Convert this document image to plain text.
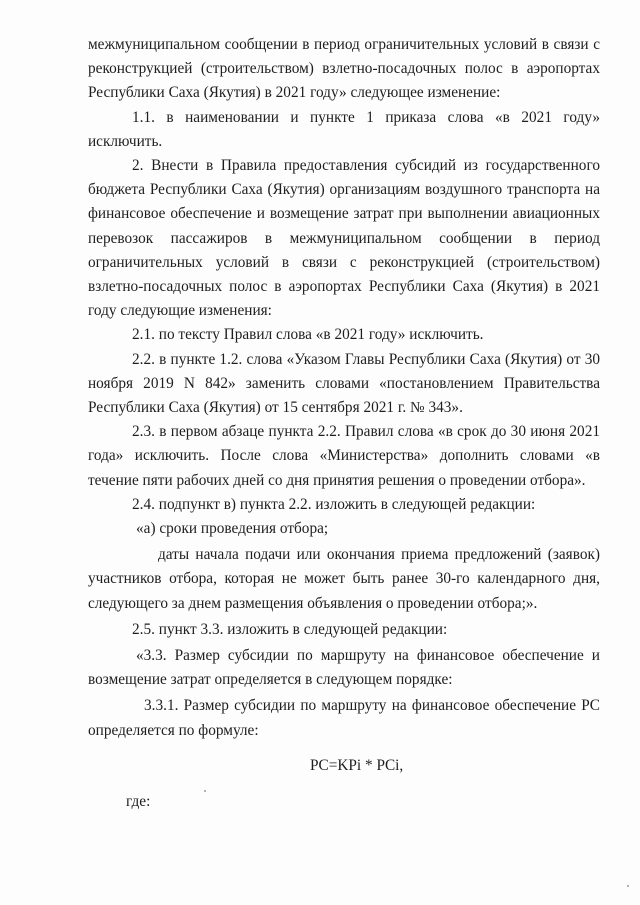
межмуниципальном сообщении в период ограничительных условий в связи с реконструкцией (строительством) взлетно-посадочных полос в аэропортах Республики Саха (Якутия) в 2021 году» следующее изменение:

1.1. в наименовании и пункте 1 приказа слова «в 2021 году» исключить.

2. Внести в Правила предоставления субсидий из государственного бюджета Республики Саха (Якутия) организациям воздушного транспорта на финансовое обеспечение и возмещение затрат при выполнении авиационных перевозок пассажиров в межмуниципальном сообщении в период ограничительных условий в связи с реконструкцией (строительством) взлетно-посадочных полос в аэропортах Республики Саха (Якутия) в 2021 году следующие изменения:

2.1. по тексту Правил слова «в 2021 году» исключить.

2.2. в пункте 1.2. слова «Указом Главы Республики Саха (Якутия) от 30 ноября 2019 N 842» заменить словами «постановлением Правительства Республики Саха (Якутия) от 15 сентября 2021 г. № 343».

2.3. в первом абзаце пункта 2.2. Правил слова «в срок до 30 июня 2021 года» исключить. После слова «Министерства» дополнить словами «в течение пяти рабочих дней со дня принятия решения о проведении отбора».

2.4. подпункт в) пункта 2.2. изложить в следующей редакции:

«а) сроки проведения отбора;

даты начала подачи или окончания приема предложений (заявок) участников отбора, которая не может быть ранее 30-го календарного дня, следующего за днем размещения объявления о проведении отбора;».

2.5. пункт 3.3. изложить в следующей редакции:

«3.3. Размер субсидии по маршруту на финансовое обеспечение и возмещение затрат определяется в следующем порядке:

3.3.1. Размер субсидии по маршруту на финансовое обеспечение PC определяется по формуле:

PC=KPi * PCi,

где:
